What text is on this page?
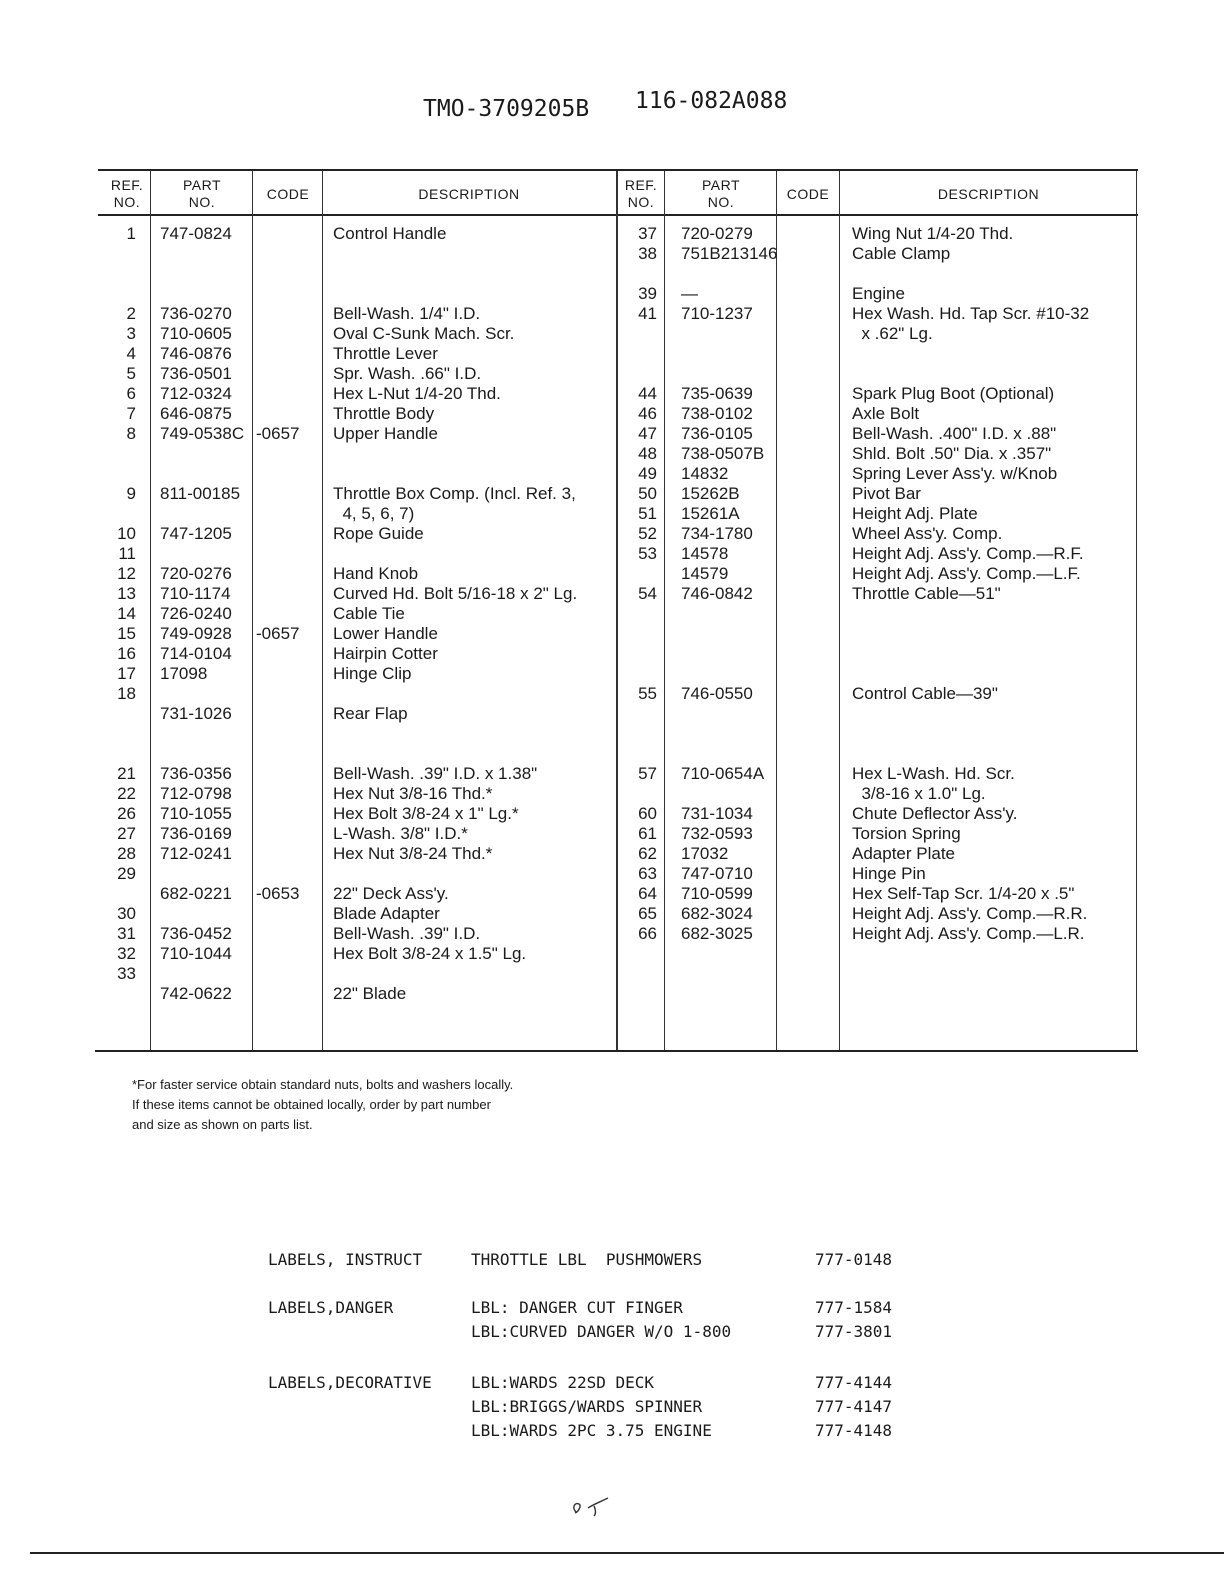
TMO-3709205B 116-082A088
REF.
NO.
PART
NO.	CODE	DESCRIPTION
REF.
NO.
PART
NO.	CODE	DESCRIPTION
1 747-0824	Control Handle
2 736-0270	Bell-Wash. 1/4" I.D.
3 710-0605	Oval C-Sunk Mach. Scr.
4 746-0876	Throttle Lever
5 736-0501	Spr. Wash. .66" I.D.
6 712-0324	Hex L-Nut 1/4-20 Thd.
7 646-0875	Throttle Body
8 749-0538C -0657 Upper Handle
9 811-00185	Throttle Box Comp. (Incl. Ref. 3,
4, 5, 6, 7)
10 747-1205	Rope Guide
11
12 720-0276	Hand Knob
13 710-1174	Curved Hd. Bolt 5/16-18 x 2" Lg.
14 726-0240	Cable Tie
15 749-0928 -0657 Lower Handle
16 714-0104	Hairpin Cotter
17 17098	Hinge Clip
18
731-1026	Rear Flap
21 736-0356	Bell-Wash. .39" I.D. x 1.38"
22 712-0798	Hex Nut 3/8-16 Thd.*
26 710-1055	Hex Bolt 3/8-24 x 1" Lg.*
27 736-0169	L-Wash. 3/8" I.D.*
28 712-0241	Hex Nut 3/8-24 Thd.*
29
682-0221 -0653 22" Deck Ass'y.
30	Blade Adapter
31 736-0452	Bell-Wash. .39" I.D.
32 710-1044	Hex Bolt 3/8-24 x 1.5" Lg.
33
742-0622	22" Blade
37 720-0279	Wing Nut 1/4-20 Thd.
38 751B213146	Cable Clamp
39 —	Engine
41 710-1237	Hex Wash. Hd. Tap Scr. #10-32
x .62" Lg.
44 735-0639	Spark Plug Boot (Optional)
46 738-0102	Axle Bolt
47 736-0105	Bell-Wash. .400" I.D. x .88"
48 738-0507B	Shld. Bolt .50" Dia. x .357"
49 14832	Spring Lever Ass'y. w/Knob
50 15262B	Pivot Bar
51 15261A	Height Adj. Plate
52 734-1780	Wheel Ass'y. Comp.
53 14578	Height Adj. Ass'y. Comp.—R.F.
14579	Height Adj. Ass'y. Comp.—L.F.
54 746-0842	Throttle Cable—51"
55 746-0550	Control Cable—39"
57 710-0654A	Hex L-Wash. Hd. Scr.
3/8-16 x 1.0" Lg.
60 731-1034	Chute Deflector Ass'y.
61 732-0593	Torsion Spring
62 17032	Adapter Plate
63 747-0710	Hinge Pin
64 710-0599	Hex Self-Tap Scr. 1/4-20 x .5"
65 682-3024	Height Adj. Ass'y. Comp.—R.R.
66 682-3025	Height Adj. Ass'y. Comp.—L.R.
*For faster service obtain standard nuts, bolts and washers locally.
If these items cannot be obtained locally, order by part number
and size as shown on parts list.
LABELS, INSTRUCT	THROTTLE LBL  PUSHMOWERS	777-0148
LABELS,DANGER	LBL: DANGER CUT FINGER	777-1584
LBL:CURVED DANGER W/O 1-800	777-3801
LABELS,DECORATIVE LBL:WARDS 22SD DECK	777-4144
LBL:BRIGGS/WARDS SPINNER	777-4147
LBL:WARDS 2PC 3.75 ENGINE	777-4148
